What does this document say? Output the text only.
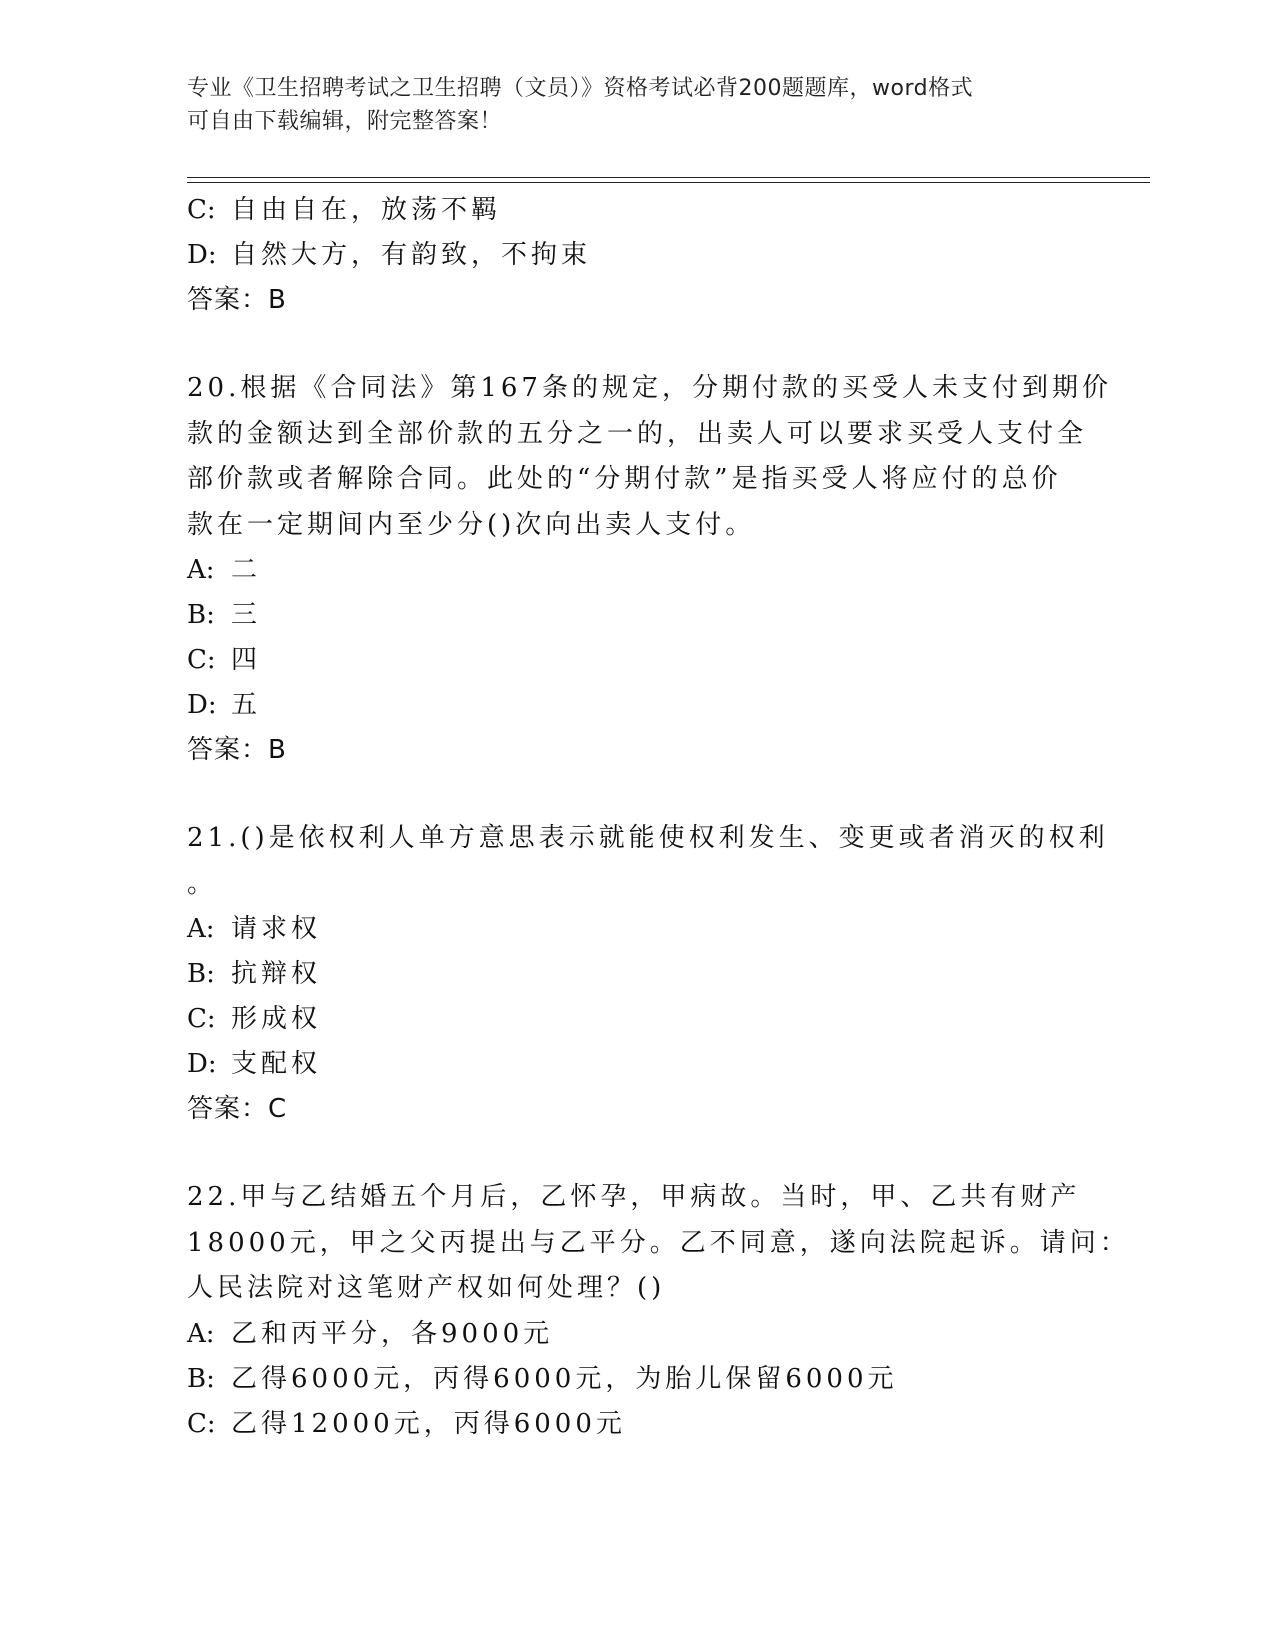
专业《卫生招聘考试之卫生招聘（文员）》资格考试必背200题题库，word格式
可自由下载编辑，附完整答案！
C: 自由自在，放荡不羁
D: 自然大方，有韵致，不拘束
答案：B
20.根据《合同法》第167条的规定，分期付款的买受人未支付到期价
款的金额达到全部价款的五分之一的，出卖人可以要求买受人支付全
部价款或者解除合同。此处的“分期付款”是指买受人将应付的总价
款在一定期间内至少分()次向出卖人支付。
A: 二
B: 三
C: 四
D: 五
答案：B
21.()是依权利人单方意思表示就能使权利发生、变更或者消灭的权利
。
A: 请求权
B: 抗辩权
C: 形成权
D: 支配权
答案：C
22.甲与乙结婚五个月后，乙怀孕，甲病故。当时，甲、乙共有财产
18000元，甲之父丙提出与乙平分。乙不同意，遂向法院起诉。请问：
人民法院对这笔财产权如何处理？()
A: 乙和丙平分，各9000元
B: 乙得6000元，丙得6000元，为胎儿保留6000元
C: 乙得12000元，丙得6000元
